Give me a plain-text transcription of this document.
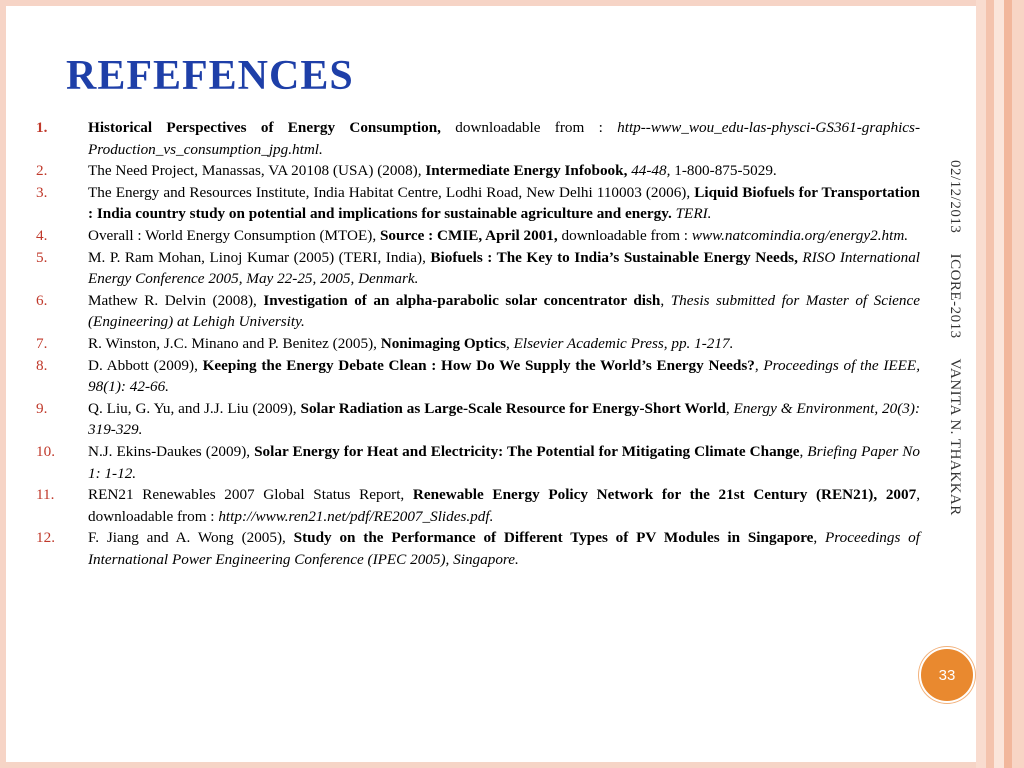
REFEFENCES
1.	Historical Perspectives of Energy Consumption, downloadable from : http--www_wou_edu-las-physci-GS361-graphics-Production_vs_consumption_jpg.html.
2.	The Need Project, Manassas, VA 20108 (USA) (2008), Intermediate Energy Infobook, 44-48, 1-800-875-5029.
3.	The Energy and Resources Institute, India Habitat Centre, Lodhi Road, New Delhi 110003 (2006), Liquid Biofuels for Transportation : India country study on potential and implications for sustainable agriculture and energy. TERI.
4.	Overall : World Energy Consumption (MTOE), Source : CMIE, April 2001, downloadable from : www.natcomindia.org/energy2.htm.
5.	M. P. Ram Mohan, Linoj Kumar (2005) (TERI, India), Biofuels : The Key to India’s Sustainable Energy Needs, RISO International Energy Conference 2005, May 22-25, 2005, Denmark.
6.	Mathew R. Delvin (2008), Investigation of an alpha-parabolic solar concentrator dish, Thesis submitted for Master of Science (Engineering) at Lehigh University.
7.	R. Winston, J.C. Minano and P. Benitez (2005), Nonimaging Optics, Elsevier Academic Press, pp. 1-217.
8.	D. Abbott (2009), Keeping the Energy Debate Clean : How Do We Supply the World’s Energy Needs?, Proceedings of the IEEE, 98(1): 42-66.
9.	Q. Liu, G. Yu, and J.J. Liu (2009), Solar Radiation as Large-Scale Resource for Energy-Short World, Energy & Environment, 20(3): 319-329.
10. N.J. Ekins-Daukes (2009), Solar Energy for Heat and Electricity: The Potential for Mitigating Climate Change, Briefing Paper No 1: 1-12.
11. REN21 Renewables 2007 Global Status Report, Renewable Energy Policy Network for the 21st Century (REN21), 2007, downloadable from : http://www.ren21.net/pdf/RE2007_Slides.pdf.
12. F. Jiang and A. Wong (2005), Study on the Performance of Different Types of PV Modules in Singapore, Proceedings of International Power Engineering Conference (IPEC 2005), Singapore.
02/12/2013 ICORE-2013 VANITA N. THAKKAR
33
